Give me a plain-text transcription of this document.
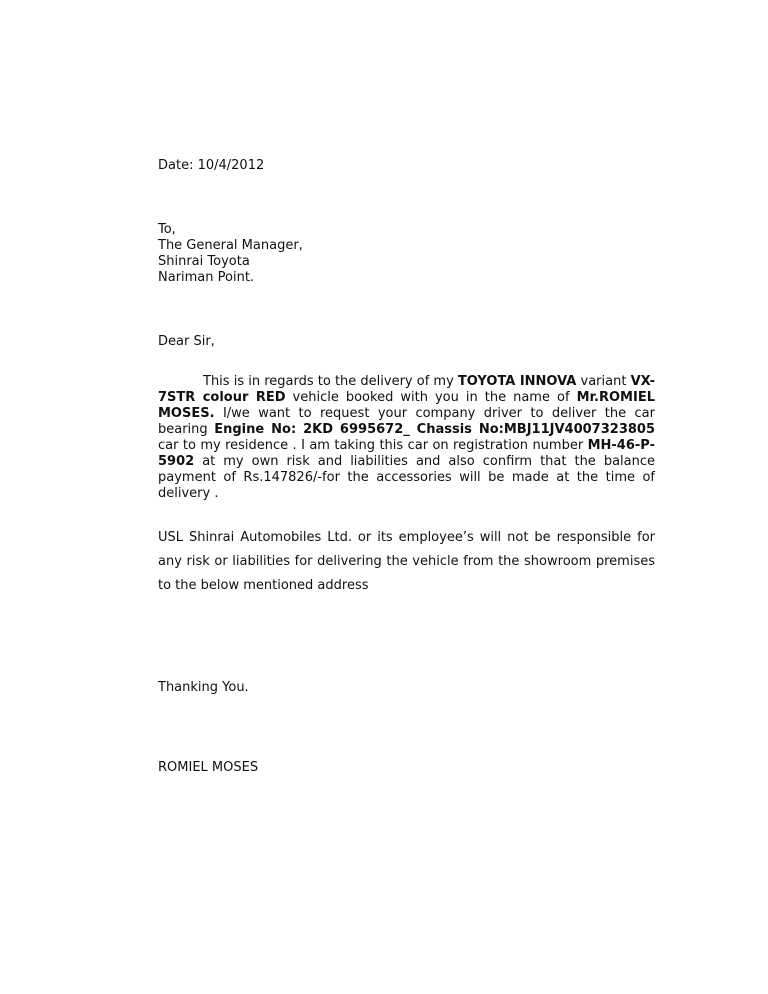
Date: 10/4/2012
To,
The General Manager,
Shinrai Toyota
Nariman Point.
Dear Sir,

This is in regards to the delivery of my TOYOTA INNOVA variant VX- 7STR colour RED vehicle booked with you in the name of Mr.ROMIEL MOSES. I/we want to request your company driver to deliver the car bearing Engine No: 2KD 6995672_ Chassis No:MBJ11JV4007323805 car to my residence . I am taking this car on registration number MH-46-P-5902 at my own risk and liabilities and also confirm that the balance payment of Rs.147826/-for the accessories will be made at the time of delivery .

USL Shinrai Automobiles Ltd. or its employee’s will not be responsible for any risk or liabilities for delivering the vehicle from the showroom premises to the below mentioned address

Thanking You.
ROMIEL MOSES
